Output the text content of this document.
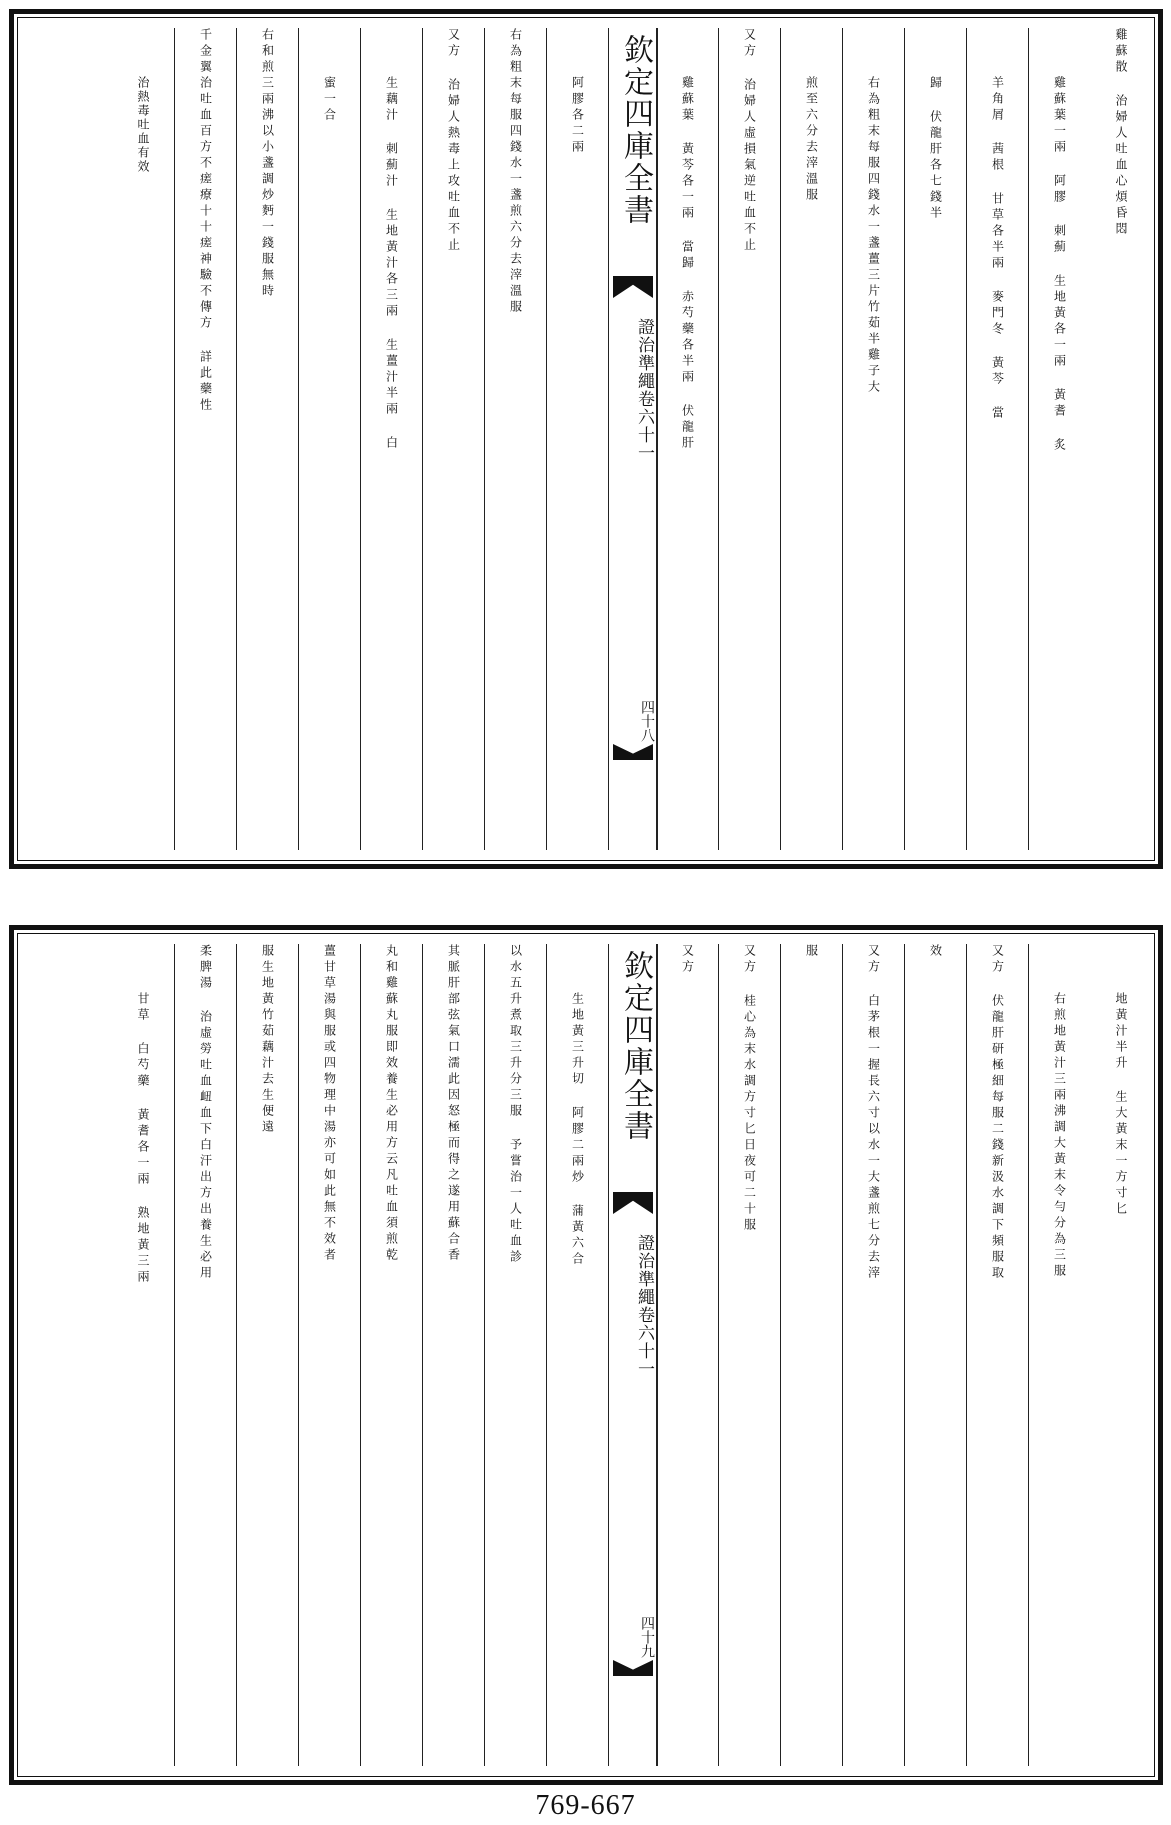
雞蘇散 治婦人吐血心煩昏悶
雞蘇葉一兩 阿膠 刺薊 生地黃各一兩 黃耆 炙
羊角屑 茜根 甘草各半兩 麥門冬 黃芩 當
歸 伏龍肝各七錢半
右為粗末每服四錢水一盞薑三片竹茹半雞子大
煎至六分去滓溫服
又方 治婦人虛損氣逆吐血不止
雞蘇葉 黃芩各一兩 當歸 赤芍藥各半兩 伏龍肝
欽定四庫全書
證治準繩
卷六十一
四十八
阿膠各二兩
右為粗末每服四錢水一盞煎六分去滓溫服
又方 治婦人熱毒上攻吐血不止
生藕汁 刺薊汁 生地黃汁各三兩 生薑汁半兩 白
蜜一合
右和煎三兩沸以小盞調炒麪一錢服無時
千金翼治吐血百方不瘥療十十瘥神驗不傳方 詳此藥性
治熱毒吐血有效
地黃汁半升 生大黃末一方寸匕
右煎地黃汁三兩沸調大黃末令勻分為三服
又方 伏龍肝研極細每服二錢新汲水調下頻服取
效
又方 白茅根一握長六寸以水一大盞煎七分去滓
服
又方 桂心為末水調方寸匕日夜可二十服
又方
欽定四庫全書
證治準繩
卷六十一
四十九
生地黃三升切 阿膠二兩炒 蒲黃六合
以水五升煮取三升分三服 予嘗治一人吐血診
其脈肝部弦氣口濡此因怒極而得之遂用蘇合香
丸和雞蘇丸服即效養生必用方云凡吐血須煎乾
薑甘草湯與服或四物理中湯亦可如此無不效者
服生地黃竹茹藕汁去生便遠
柔脾湯 治虛勞吐血衄血下白汗出方出養生必用
甘草 白芍藥 黃耆各一兩 熟地黃三兩
769-667
